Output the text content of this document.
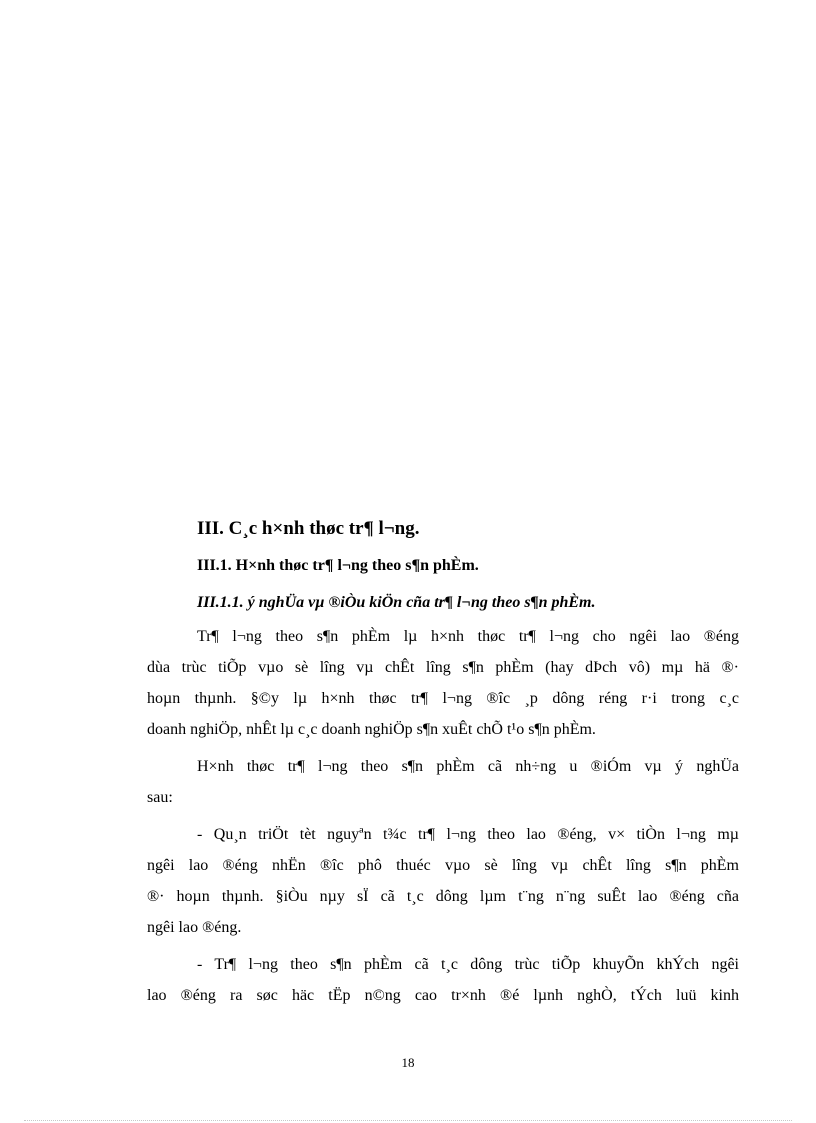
III. C¸c h×nh thøc tr¶ l¬ng.
III.1. H×nh thøc tr¶ l¬ng theo s¶n phÈm.
III.1.1. ý nghÜa vµ ®iÒu kiÖn cña tr¶ l¬ng theo s¶n phÈm.
Tr¶ l¬ng theo s¶n phÈm lµ h×nh thøc tr¶ l¬ng cho ngêi lao ®éng
dùa trùc tiÕp vµo sè lîng vµ chÊt lîng s¶n phÈm (hay dÞch vô) mµ hä ®·
hoµn thµnh. §©y lµ h×nh thøc tr¶ l¬ng ®îc ¸p dông réng r·i trong c¸c
doanh nghiÖp, nhÊt lµ c¸c doanh nghiÖp s¶n xuÊt chÕ t¹o s¶n phÈm.
H×nh thøc tr¶ l¬ng theo s¶n phÈm cã nh÷ng u ®iÓm vµ ý nghÜa
sau:
- Qu¸n triÖt tèt nguyªn t¾c tr¶ l¬ng theo lao ®éng, v× tiÒn l¬ng mµ
ngêi lao ®éng nhËn ®îc phô thuéc vµo sè lîng vµ chÊt lîng s¶n phÈm
®· hoµn thµnh. §iÒu nµy sÏ cã t¸c dông lµm t¨ng n¨ng suÊt lao ®éng cña
ngêi lao ®éng.
- Tr¶ l¬ng theo s¶n phÈm cã t¸c dông trùc tiÕp khuyÕn khÝch ngêi
lao ®éng ra søc häc tËp n©ng cao tr×nh ®é lµnh nghÒ, tÝch luü kinh
18
